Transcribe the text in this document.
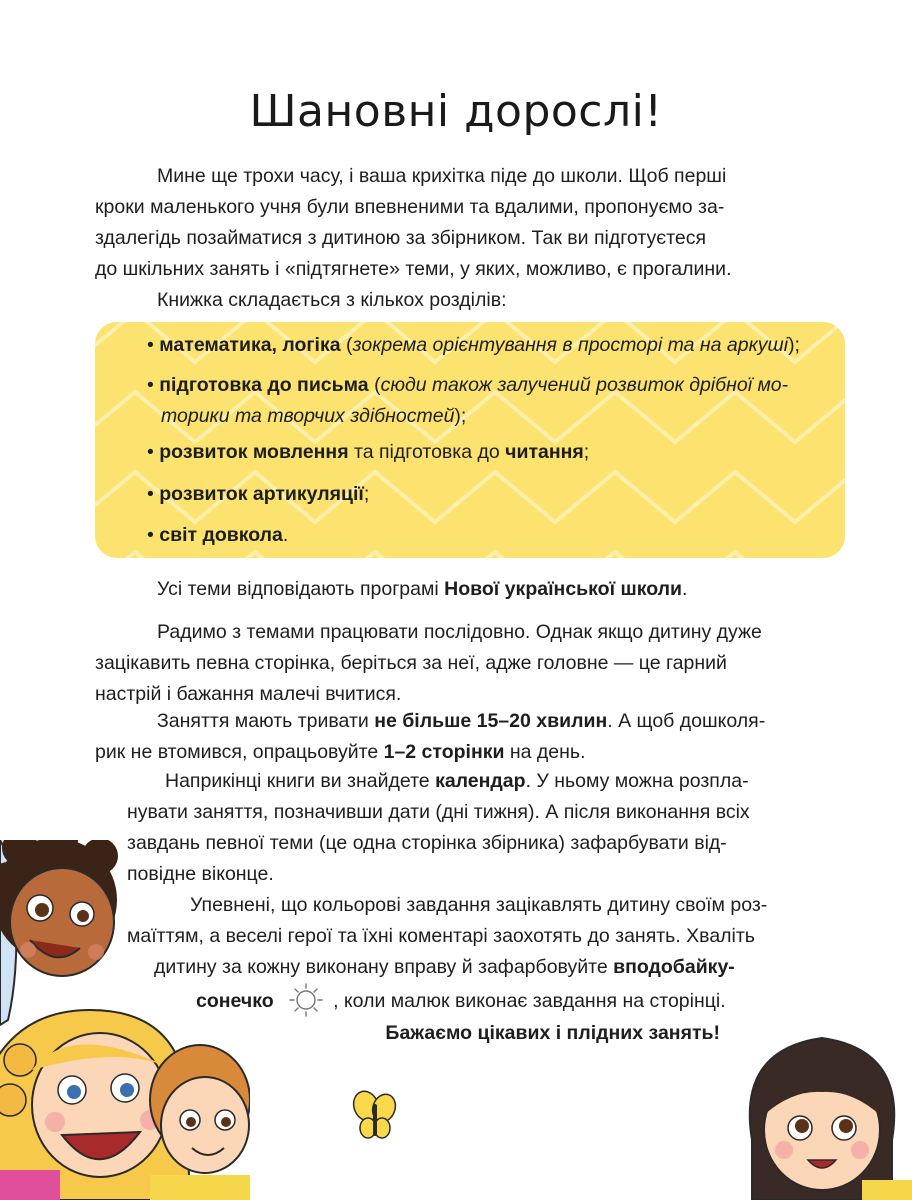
Шановні дорослі!

Мине ще трохи часу, і ваша крихітка піде до школи. Щоб перші
кроки маленького учня були впевненими та вдалими, пропонуємо за-
здалегідь позайматися з дитиною за збірником. Так ви підготуєтеся
до шкільних занять і «підтягнете» теми, у яких, можливо, є прогалини.

Книжка складається з кількох розділів:

• математика, логіка (зокрема орієнтування в просторі та на аркуші);

• підготовка до письма (сюди також залучений розвиток дрібної мо-
торики та творчих здібностей);

• розвиток мовлення та підготовка до читання;

• розвиток артикуляції;

• світ довкола.

Усі теми відповідають програмі Нової української школи.

Радимо з темами працювати послідовно. Однак якщо дитину дуже
зацікавить певна сторінка, беріться за неї, адже головне — це гарний
настрій і бажання малечі вчитися.

Заняття мають тривати не більше 15–20 хвилин. А щоб дошколя-
рик не втомився, опрацьовуйте 1–2 сторінки на день.

Наприкінці книги ви знайдете календар. У ньому можна розпла-
нувати заняття, позначивши дати (дні тижня). А після виконання всіх
завдань певної теми (це одна сторінка збірника) зафарбувати від-
повідне віконце.

Упевнені, що кольорові завдання зацікавлять дитину своїм роз-

маїттям, а веселі герої та їхні коментарі заохотять до занять. Хваліть

дитину за кожну виконану вправу й зафарбовуйте вподобайку-

сонечко	, коли малюк виконає завдання на сторінці.

Бажаємо цікавих і плідних занять!
